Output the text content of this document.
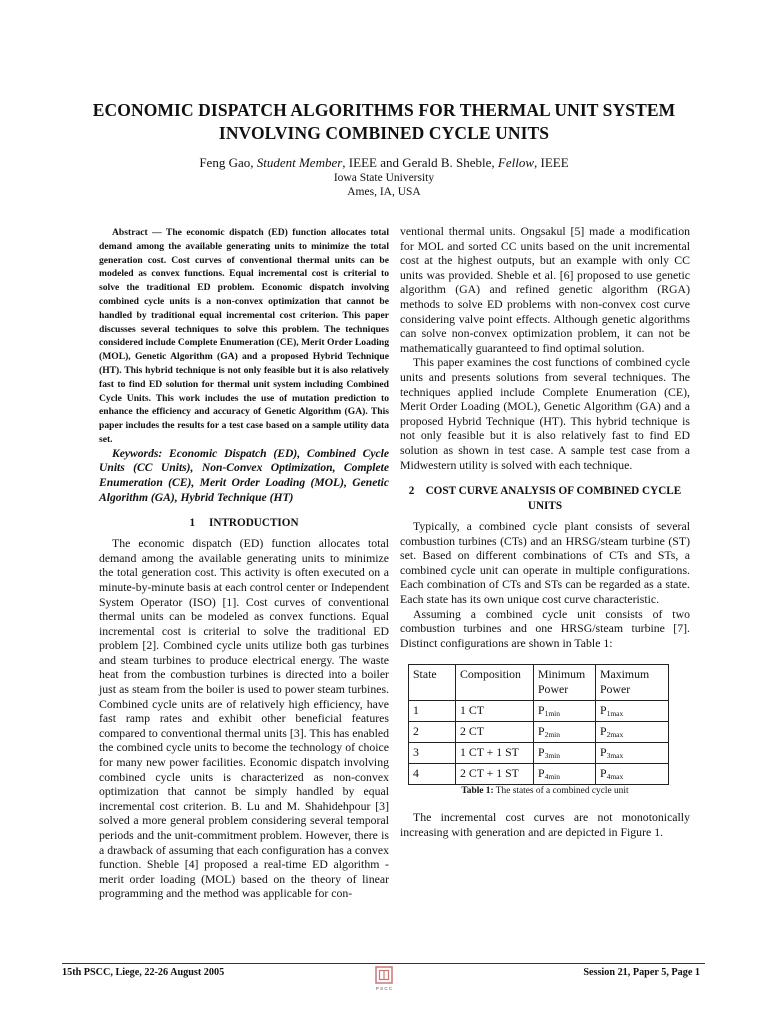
ECONOMIC DISPATCH ALGORITHMS FOR THERMAL UNIT SYSTEM
INVOLVING COMBINED CYCLE UNITS
Feng Gao, Student Member, IEEE and Gerald B. Sheble, Fellow, IEEE
Iowa State University
Ames, IA, USA

Abstract — The economic dispatch (ED) function allocates total demand among the available generating units to minimize the total generation cost. Cost curves of conventional thermal units can be modeled as convex functions. Equal incremental cost is criterial to solve the traditional ED problem. Economic dispatch involving combined cycle units is a non-convex optimization that cannot be handled by traditional equal incremental cost criterion. This paper discusses several techniques to solve this problem. The techniques considered include Complete Enumeration (CE), Merit Order Loading (MOL), Genetic Algorithm (GA) and a proposed Hybrid Technique (HT). This hybrid technique is not only feasible but it is also relatively fast to find ED solution for thermal unit system including Combined Cycle Units. This work includes the use of mutation prediction to enhance the efficiency and accuracy of Genetic Algorithm (GA). This paper includes the results for a test case based on a sample utility data set.

Keywords: Economic Dispatch (ED), Combined Cycle Units (CC Units), Non-Convex Optimization, Complete Enumeration (CE), Merit Order Loading (MOL), Genetic Algorithm (GA), Hybrid Technique (HT)

1 INTRODUCTION

The economic dispatch (ED) function allocates total demand among the available generating units to minimize the total generation cost. This activity is often executed on a minute-by-minute basis at each control center or Independent System Operator (ISO) [1]. Cost curves of conventional thermal units can be modeled as convex functions. Equal incremental cost is criterial to solve the traditional ED problem [2]. Combined cycle units utilize both gas turbines and steam turbines to produce electrical energy. The waste heat from the combustion turbines is directed into a boiler just as steam from the boiler is used to power steam turbines. Combined cycle units are of relatively high efficiency, have fast ramp rates and exhibit other beneficial features compared to conventional thermal units [3]. This has enabled the combined cycle units to become the technology of choice for many new power facilities. Economic dispatch involving combined cycle units is characterized as non-convex optimization that cannot be simply handled by equal incremental cost criterion. B. Lu and M. Shahidehpour [3] solved a more general problem considering several temporal periods and the unit-commitment problem. However, there is a drawback of assuming that each configuration has a convex function. Sheble [4] proposed a real-time ED algorithm - merit order loading (MOL) based on the theory of linear programming and the method was applicable for con-

ventional thermal units. Ongsakul [5] made a modification for MOL and sorted CC units based on the unit incremental cost at the highest outputs, but an example with only CC units was provided. Sheble et al. [6] proposed to use genetic algorithm (GA) and refined genetic algorithm (RGA) methods to solve ED problems with non-convex cost curve considering valve point effects. Although genetic algorithms can solve non-convex optimization problem, it can not be mathematically guaranteed to find optimal solution.

This paper examines the cost functions of combined cycle units and presents solutions from several techniques. The techniques applied include Complete Enumeration (CE), Merit Order Loading (MOL), Genetic Algorithm (GA) and a proposed Hybrid Technique (HT). This hybrid technique is not only feasible but it is also relatively fast to find ED solution as shown in test case. A sample test case from a Midwestern utility is solved with each technique.

2 COST CURVE ANALYSIS OF COMBINED CYCLE UNITS

Typically, a combined cycle plant consists of several combustion turbines (CTs) and an HRSG/steam turbine (ST) set. Based on different combinations of CTs and STs, a combined cycle unit can operate in multiple configurations. Each combination of CTs and STs can be regarded as a state. Each state has its own unique cost curve characteristic.

Assuming a combined cycle unit consists of two combustion turbines and one HRSG/steam turbine [7]. Distinct configurations are shown in Table 1:

State	Composition	Minimum Power	Maximum Power
1	1 CT	$P_{1min}$	$P_{1max}$
2	2 CT	$P_{2min}$	$P_{2max}$
3	1 CT + 1 ST	$P_{3min}$	$P_{3max}$
4	2 CT + 1 ST	$P_{4min}$	$P_{4max}$

Table 1: The states of a combined cycle unit

The incremental cost curves are not monotonically increasing with generation and are depicted in Figure 1.

15th PSCC, Liege, 22-26 August 2005
P S C C
Session 21, Paper 5, Page 1
